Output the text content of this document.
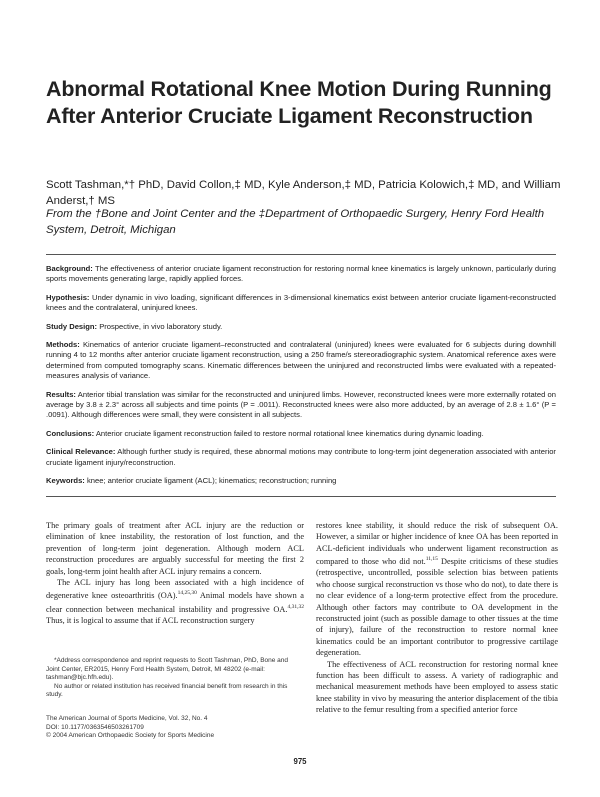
Abnormal Rotational Knee Motion During Running After Anterior Cruciate Ligament Reconstruction
Scott Tashman,*† PhD, David Collon,‡ MD, Kyle Anderson,‡ MD, Patricia Kolowich,‡ MD, and William Anderst,† MS
From the †Bone and Joint Center and the ‡Department of Orthopaedic Surgery, Henry Ford Health System, Detroit, Michigan

Background: The effectiveness of anterior cruciate ligament reconstruction for restoring normal knee kinematics is largely unknown, particularly during sports movements generating large, rapidly applied forces.

Hypothesis: Under dynamic in vivo loading, significant differences in 3-dimensional kinematics exist between anterior cruciate ligament-reconstructed knees and the contralateral, uninjured knees.

Study Design: Prospective, in vivo laboratory study.

Methods: Kinematics of anterior cruciate ligament–reconstructed and contralateral (uninjured) knees were evaluated for 6 subjects during downhill running 4 to 12 months after anterior cruciate ligament reconstruction, using a 250 frame/s stereoradiographic system. Anatomical reference axes were determined from computed tomography scans. Kinematic differences between the uninjured and reconstructed limbs were evaluated with a repeated-measures analysis of variance.

Results: Anterior tibial translation was similar for the reconstructed and uninjured limbs. However, reconstructed knees were more externally rotated on average by 3.8 ± 2.3° across all subjects and time points (P = .0011). Reconstructed knees were also more adducted, by an average of 2.8 ± 1.6° (P = .0091). Although differences were small, they were consistent in all subjects.

Conclusions: Anterior cruciate ligament reconstruction failed to restore normal rotational knee kinematics during dynamic loading.

Clinical Relevance: Although further study is required, these abnormal motions may contribute to long-term joint degeneration associated with anterior cruciate ligament injury/reconstruction.

Keywords: knee; anterior cruciate ligament (ACL); kinematics; reconstruction; running

The primary goals of treatment after ACL injury are the reduction or elimination of knee instability, the restoration of lost function, and the prevention of long-term joint degeneration. Although modern ACL reconstruction procedures are arguably successful for meeting the first 2 goals, long-term joint health after ACL injury remains a concern.

The ACL injury has long been associated with a high incidence of degenerative knee osteoarthritis (OA).$^{14,25,30}$ Animal models have shown a clear connection between mechanical instability and progressive OA.$^{4,31,32}$ Thus, it is logical to assume that if ACL reconstruction surgery

restores knee stability, it should reduce the risk of subsequent OA. However, a similar or higher incidence of knee OA has been reported in ACL-deficient individuals who underwent ligament reconstruction as compared to those who did not.$^{11,15}$ Despite criticisms of these studies (retrospective, uncontrolled, possible selection bias between patients who choose surgical reconstruction vs those who do not), to date there is no clear evidence of a long-term protective effect from the procedure. Although other factors may contribute to OA development in the reconstructed joint (such as possible damage to other tissues at the time of injury), failure of the reconstruction to restore normal knee kinematics could be an important contributor to progressive cartilage degeneration.

The effectiveness of ACL reconstruction for restoring normal knee function has been difficult to assess. A variety of radiographic and mechanical measurement methods have been employed to assess static knee stability in vivo by measuring the anterior displacement of the tibia relative to the femur resulting from a specified anterior force

*Address correspondence and reprint requests to Scott Tashman, PhD, Bone and Joint Center, ER2015, Henry Ford Health System, Detroit, MI 48202 (e-mail: tashman@bjc.hfh.edu).

No author or related institution has received financial benefit from research in this study.

The American Journal of Sports Medicine, Vol. 32, No. 4
DOI: 10.1177/0363546503261709
© 2004 American Orthopaedic Society for Sports Medicine
975
